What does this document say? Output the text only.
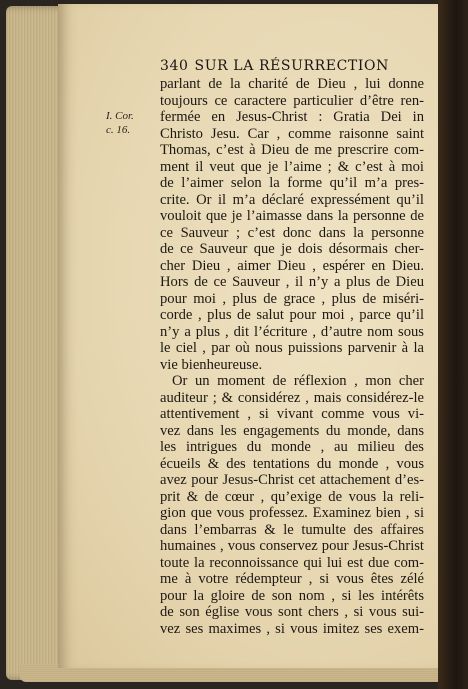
340 SUR LA RÉSURRECTION
I. Cor.
c. 16.
parlant de la charité de Dieu , lui donne
toujours ce caractere particulier d’être ren-
fermée en Jesus-Christ : Gratia Dei in
Christo Jesu. Car , comme raisonne saint
Thomas, c’est à Dieu de me prescrire com-
ment il veut que je l’aime ; & c’est à moi
de l’aimer selon la forme qu’il m’a pres-
crite. Or il m’a déclaré expressément qu’il
vouloit que je l’aimasse dans la personne de
ce Sauveur ; c’est donc dans la personne
de ce Sauveur que je dois désormais cher-
cher Dieu , aimer Dieu , espérer en Dieu.
Hors de ce Sauveur , il n’y a plus de Dieu
pour moi , plus de grace , plus de miséri-
corde , plus de salut pour moi , parce qu’il
n’y a plus , dit l’écriture , d’autre nom sous
le ciel , par où nous puissions parvenir à la
vie bienheureuse.
Or un moment de réflexion , mon cher
auditeur ; & considérez , mais considérez-le
attentivement , si vivant comme vous vi-
vez dans les engagements du monde, dans
les intrigues du monde , au milieu des
écueils & des tentations du monde , vous
avez pour Jesus-Christ cet attachement d’es-
prit & de cœur , qu’exige de vous la reli-
gion que vous professez. Examinez bien , si
dans l’embarras & le tumulte des affaires
humaines , vous conservez pour Jesus-Christ
toute la reconnoissance qui lui est due com-
me à votre rédempteur , si vous êtes zélé
pour la gloire de son nom , si les intérêts
de son église vous sont chers , si vous sui-
vez ses maximes , si vous imitez ses exem-
